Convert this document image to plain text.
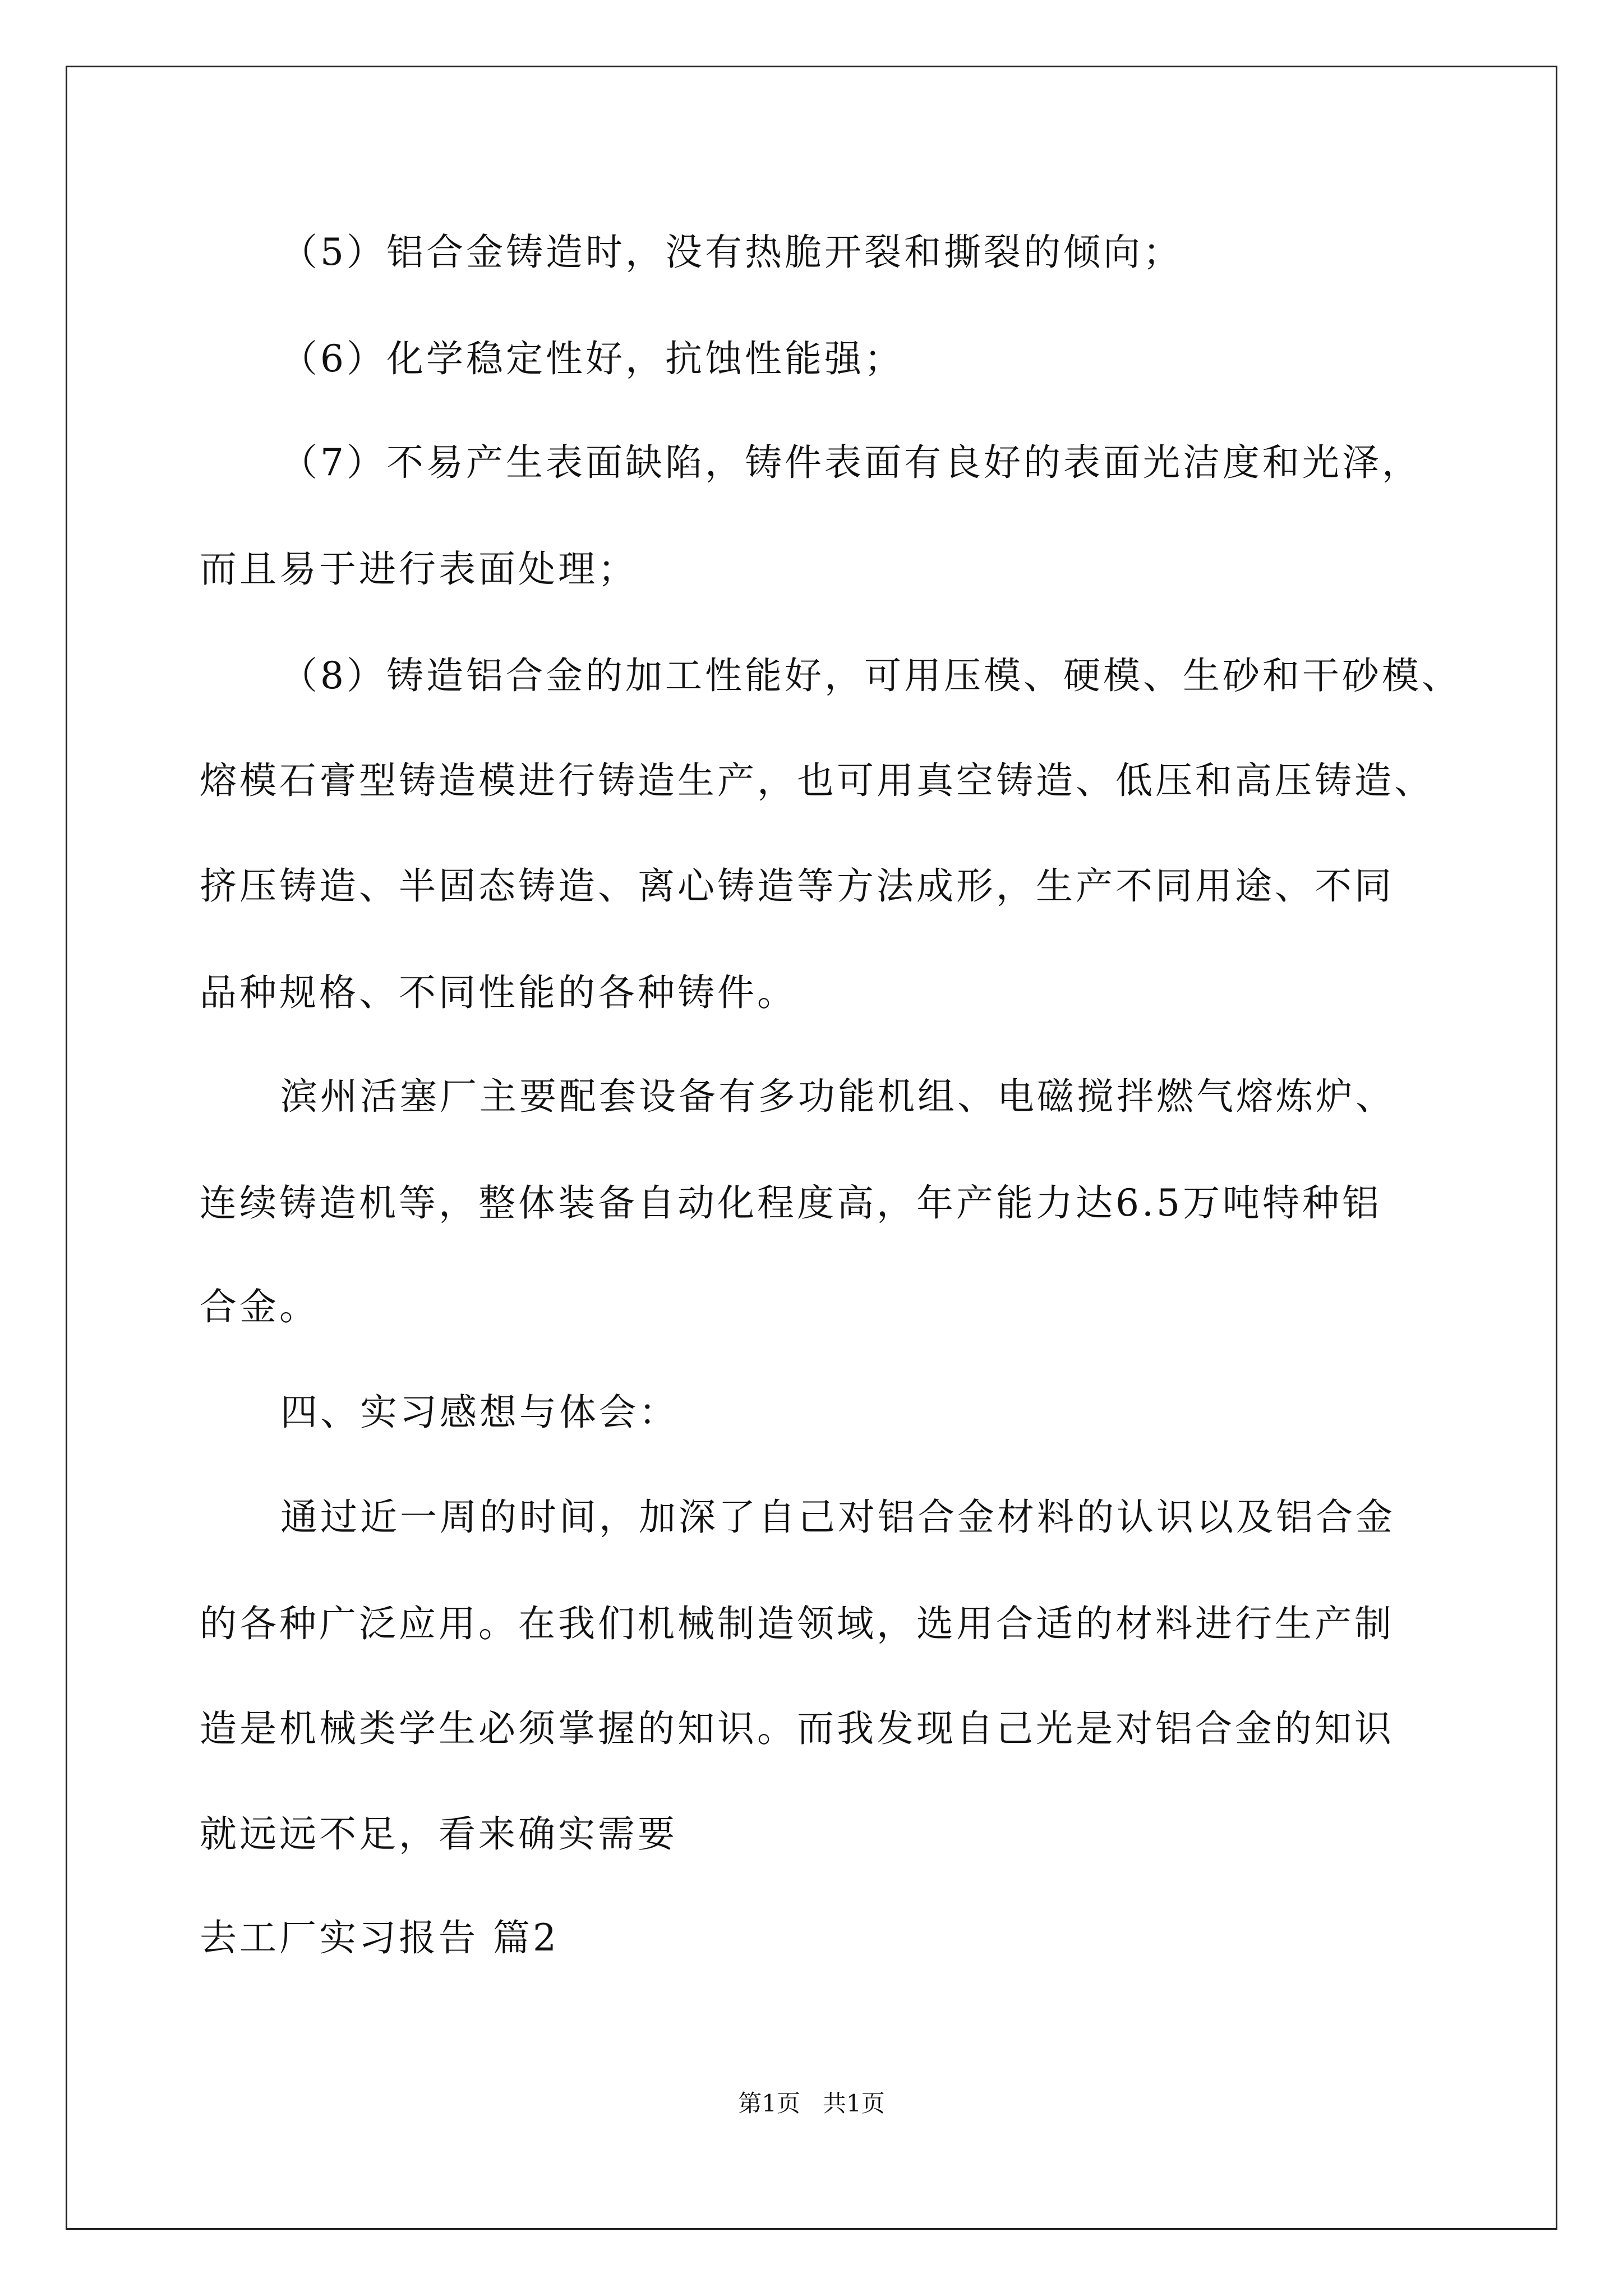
（5）铝合金铸造时，没有热脆开裂和撕裂的倾向；
（6）化学稳定性好，抗蚀性能强；
（7）不易产生表面缺陷，铸件表面有良好的表面光洁度和光泽，
而且易于进行表面处理；
（8）铸造铝合金的加工性能好，可用压模、硬模、生砂和干砂模、
熔模石膏型铸造模进行铸造生产，也可用真空铸造、低压和高压铸造、
挤压铸造、半固态铸造、离心铸造等方法成形，生产不同用途、不同
品种规格、不同性能的各种铸件。
滨州活塞厂主要配套设备有多功能机组、电磁搅拌燃气熔炼炉、
连续铸造机等，整体装备自动化程度高，年产能力达6.5万吨特种铝
合金。
四、实习感想与体会：
通过近一周的时间，加深了自己对铝合金材料的认识以及铝合金
的各种广泛应用。在我们机械制造领域，选用合适的材料进行生产制
造是机械类学生必须掌握的知识。而我发现自己光是对铝合金的知识
就远远不足，看来确实需要
去工厂实习报告 篇2
第1页   共1页
